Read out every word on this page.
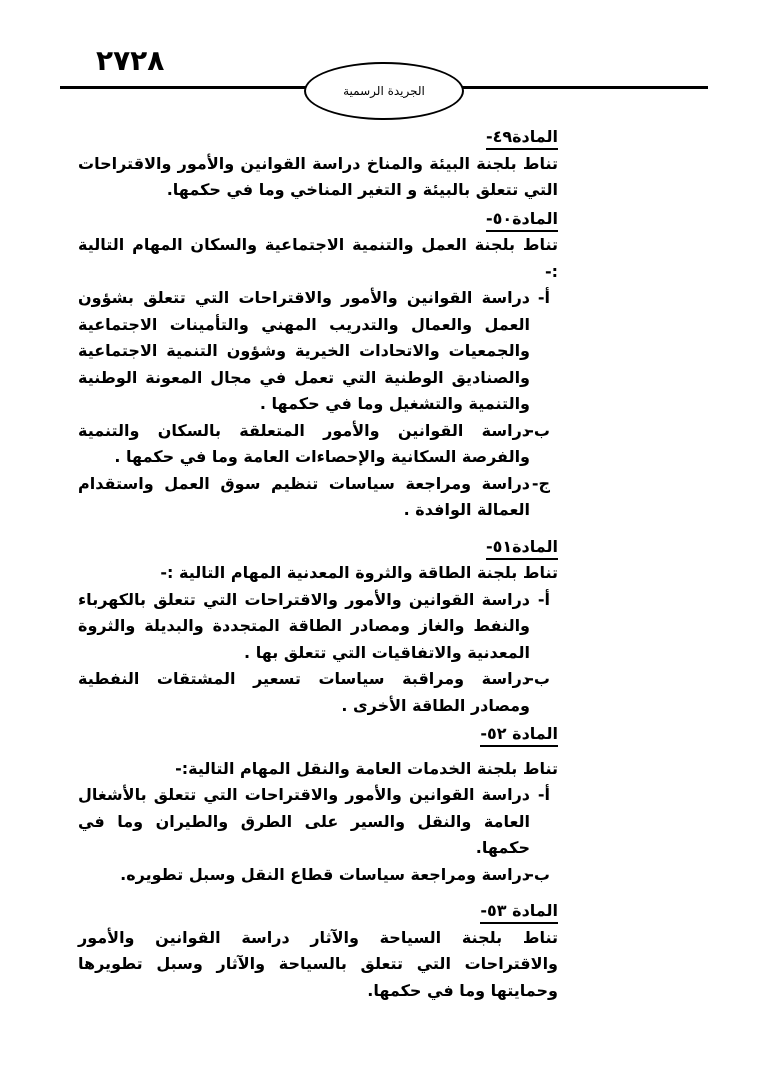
٢٧٢٨
الجريدة الرسمية
المادة٤٩-

تناط بلجنة البيئة والمناخ دراسة القوانين والأمور والاقتراحات التي تتعلق بالبيئة و التغير المناخي وما في حكمها.

المادة٥٠-

تناط بلجنة العمل والتنمية الاجتماعية والسكان المهام التالية :-

أ-دراسة القوانين والأمور والاقتراحات التي تتعلق بشؤون العمل والعمال والتدريب المهني والتأمينات الاجتماعية والجمعيات والاتحادات الخيرية وشؤون التنمية الاجتماعية والصناديق الوطنية التي تعمل في مجال المعونة الوطنية والتنمية والتشغيل وما في حكمها .

ب-دراسة القوانين والأمور المتعلقة بالسكان والتنمية والفرصة السكانية والإحصاءات العامة وما في حكمها .

ج-دراسة ومراجعة سياسات تنظيم سوق العمل واستقدام العمالة الوافدة .

المادة٥١-

تناط بلجنة الطاقة والثروة المعدنية المهام التالية :-

أ-دراسة القوانين والأمور والاقتراحات التي تتعلق بالكهرباء والنفط والغاز ومصادر الطاقة المتجددة والبديلة والثروة المعدنية والاتفاقيات التي تتعلق بها .

ب-دراسة ومراقبة سياسات تسعير المشتقات النفطية ومصادر الطاقة الأخرى .

المادة ٥٢-

تناط بلجنة الخدمات العامة والنقل المهام التالية:-

أ-دراسة القوانين والأمور والاقتراحات التي تتعلق بالأشغال العامة والنقل والسير على الطرق والطيران وما في حكمها.

ب-دراسة ومراجعة سياسات قطاع النقل وسبل تطويره.

المادة ٥٣-

تناط بلجنة السياحة والآثار دراسة القوانين والأمور والاقتراحات التي تتعلق بالسياحة والآثار وسبل تطويرها وحمايتها وما في حكمها.
